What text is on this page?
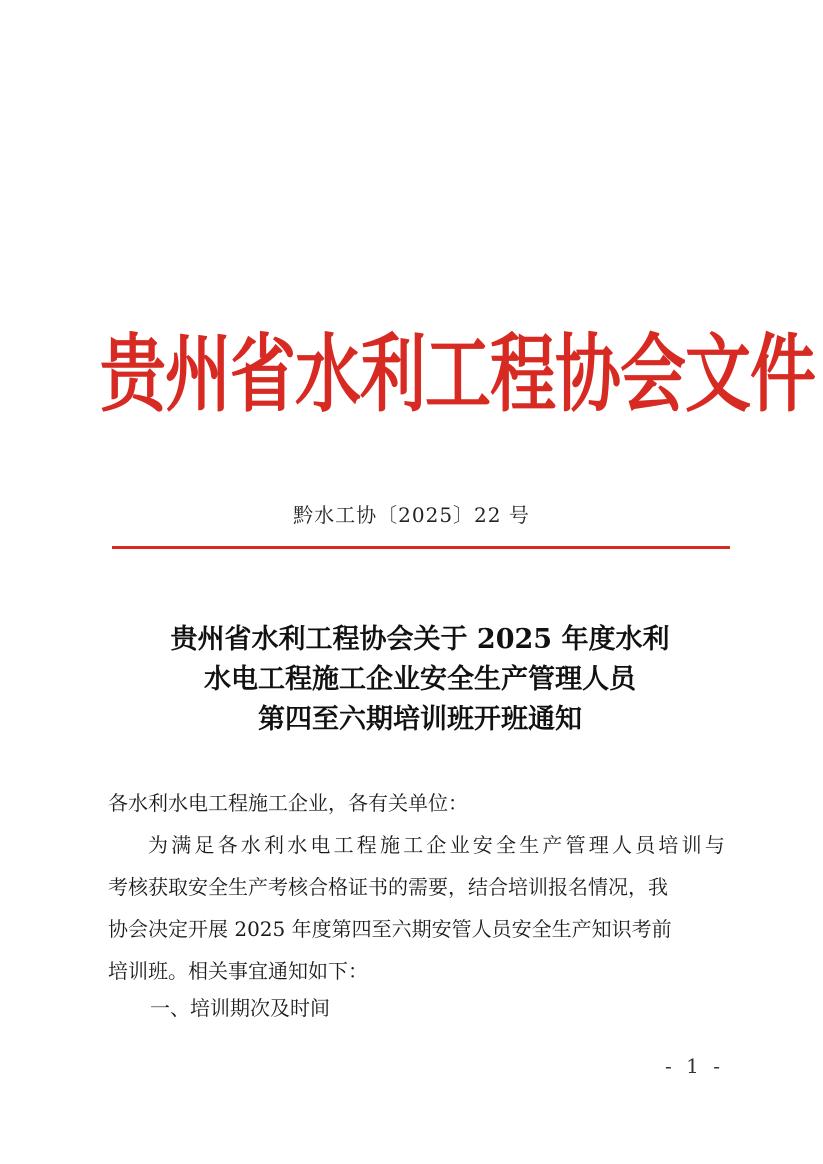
贵州省水利工程协会文件
黔水工协〔2025〕22 号
贵州省水利工程协会关于 2025 年度水利
水电工程施工企业安全生产管理人员
第四至六期培训班开班通知

各水利水电工程施工企业，各有关单位：

为满足各水利水电工程施工企业安全生产管理人员培训与

考核获取安全生产考核合格证书的需要，结合培训报名情况，我

协会决定开展 2025 年度第四至六期安管人员安全生产知识考前

培训班。相关事宜通知如下：

一、培训期次及时间
- 1 -
